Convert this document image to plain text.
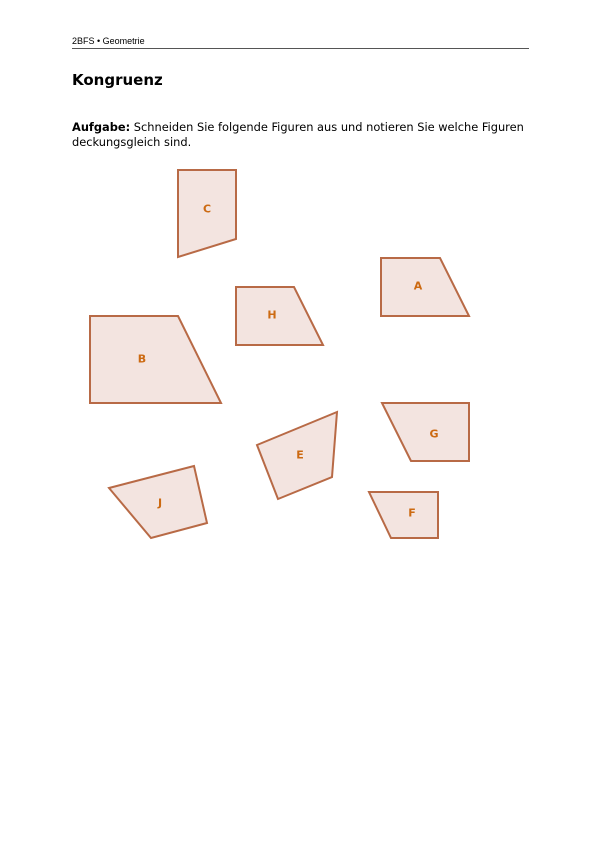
2BFS • Geometrie
Kongruenz
Aufgabe: Schneiden Sie folgende Figuren aus und notieren Sie welche Figuren deckungsgleich sind.
C
A
H
B
G
E
J
F
